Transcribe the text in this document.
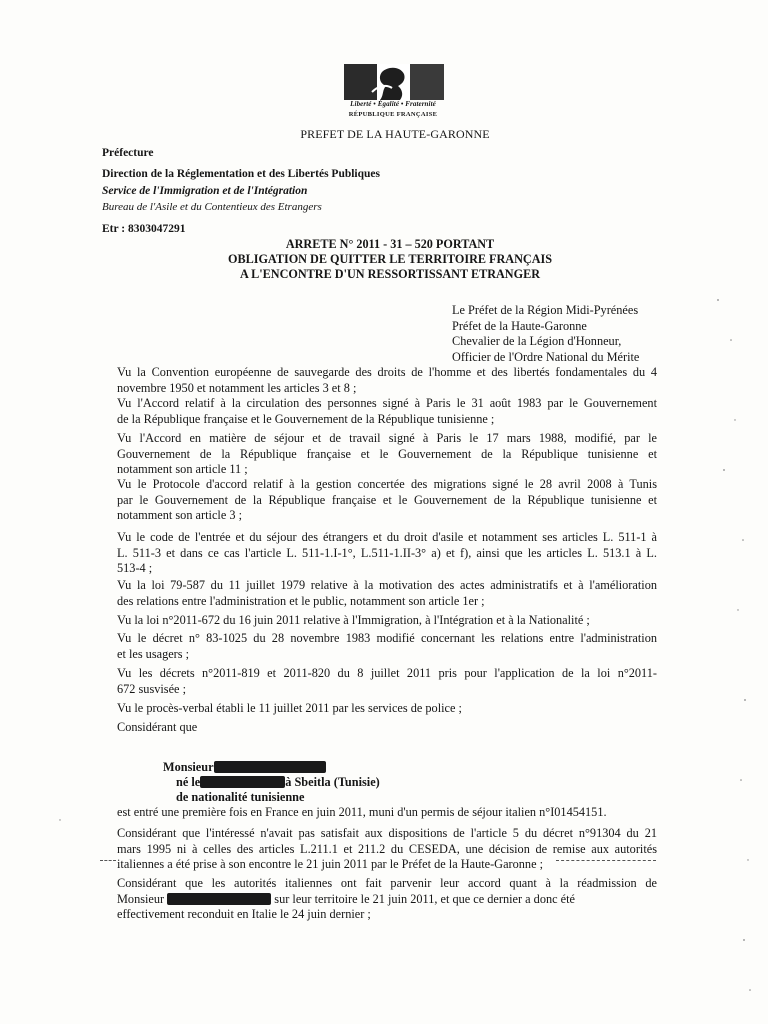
Liberté • Égalité • Fraternité
RÉPUBLIQUE FRANÇAISE
PREFET DE LA HAUTE-GARONNE
Préfecture
Direction de la Réglementation et des Libertés Publiques
Service de l'Immigration et de l'Intégration
Bureau de l'Asile et du Contentieux des Etrangers
Etr : 8303047291
ARRETE N° 2011 - 31 – 520 PORTANT
OBLIGATION DE QUITTER LE TERRITOIRE FRANÇAIS
A L'ENCONTRE D'UN RESSORTISSANT ETRANGER
Le Préfet de la Région Midi-Pyrénées
Préfet de la Haute-Garonne
Chevalier de la Légion d'Honneur,
Officier de l'Ordre National du Mérite
Vu la Convention européenne de sauvegarde des droits de l'homme et des libertés fondamentales du 4
novembre 1950 et notamment les articles 3 et 8 ;
Vu l'Accord relatif à la circulation des personnes signé à Paris le 31 août 1983 par le Gouvernement
de la République française et le Gouvernement de la République tunisienne ;
Vu l'Accord en matière de séjour et de travail signé à Paris le 17 mars 1988, modifié, par le
Gouvernement de la République française et le Gouvernement de la République tunisienne et
notamment son article 11 ;
Vu le Protocole d'accord relatif à la gestion concertée des migrations signé le 28 avril 2008 à Tunis
par le Gouvernement de la République française et le Gouvernement de la République tunisienne et
notamment son article 3 ;
Vu le code de l'entrée et du séjour des étrangers et du droit d'asile et notamment ses articles L. 511-1 à
L. 511-3 et dans ce cas l'article L. 511-1.I-1°, L.511-1.II-3° a) et f), ainsi que les articles L. 513.1 à L.
513-4 ;
Vu la loi 79-587 du 11 juillet 1979 relative à la motivation des actes administratifs et à l'amélioration
des relations entre l'administration et le public, notamment son article 1er ;
Vu la loi n°2011-672 du 16 juin 2011 relative à l'Immigration, à l'Intégration et à la Nationalité ;
Vu le décret n° 83-1025 du 28 novembre 1983 modifié concernant les relations entre l'administration
et les usagers ;
Vu les décrets n°2011-819 et 2011-820 du 8 juillet 2011 pris pour l'application de la loi n°2011-
672 susvisée ;
Vu le procès-verbal établi le 11 juillet 2011 par les services de police ;
Considérant que
Monsieur
né le	à Sbeitla (Tunisie)
de nationalité tunisienne
est entré une première fois en France en juin 2011, muni d'un permis de séjour italien n°I01454151.
Considérant que l'intéressé n'avait pas satisfait aux dispositions de l'article 5 du décret n°91304 du 21
mars 1995 ni à celles des articles L.211.1 et 211.2 du CESEDA, une décision de remise aux autorités
italiennes a été prise à son encontre le 21 juin 2011 par le Préfet de la Haute-Garonne ;
Considérant que les autorités italiennes ont fait parvenir leur accord quant à la réadmission de
Monsieur	sur leur territoire le 21 juin 2011, et que ce dernier a donc été
effectivement reconduit en Italie le 24 juin dernier ;
